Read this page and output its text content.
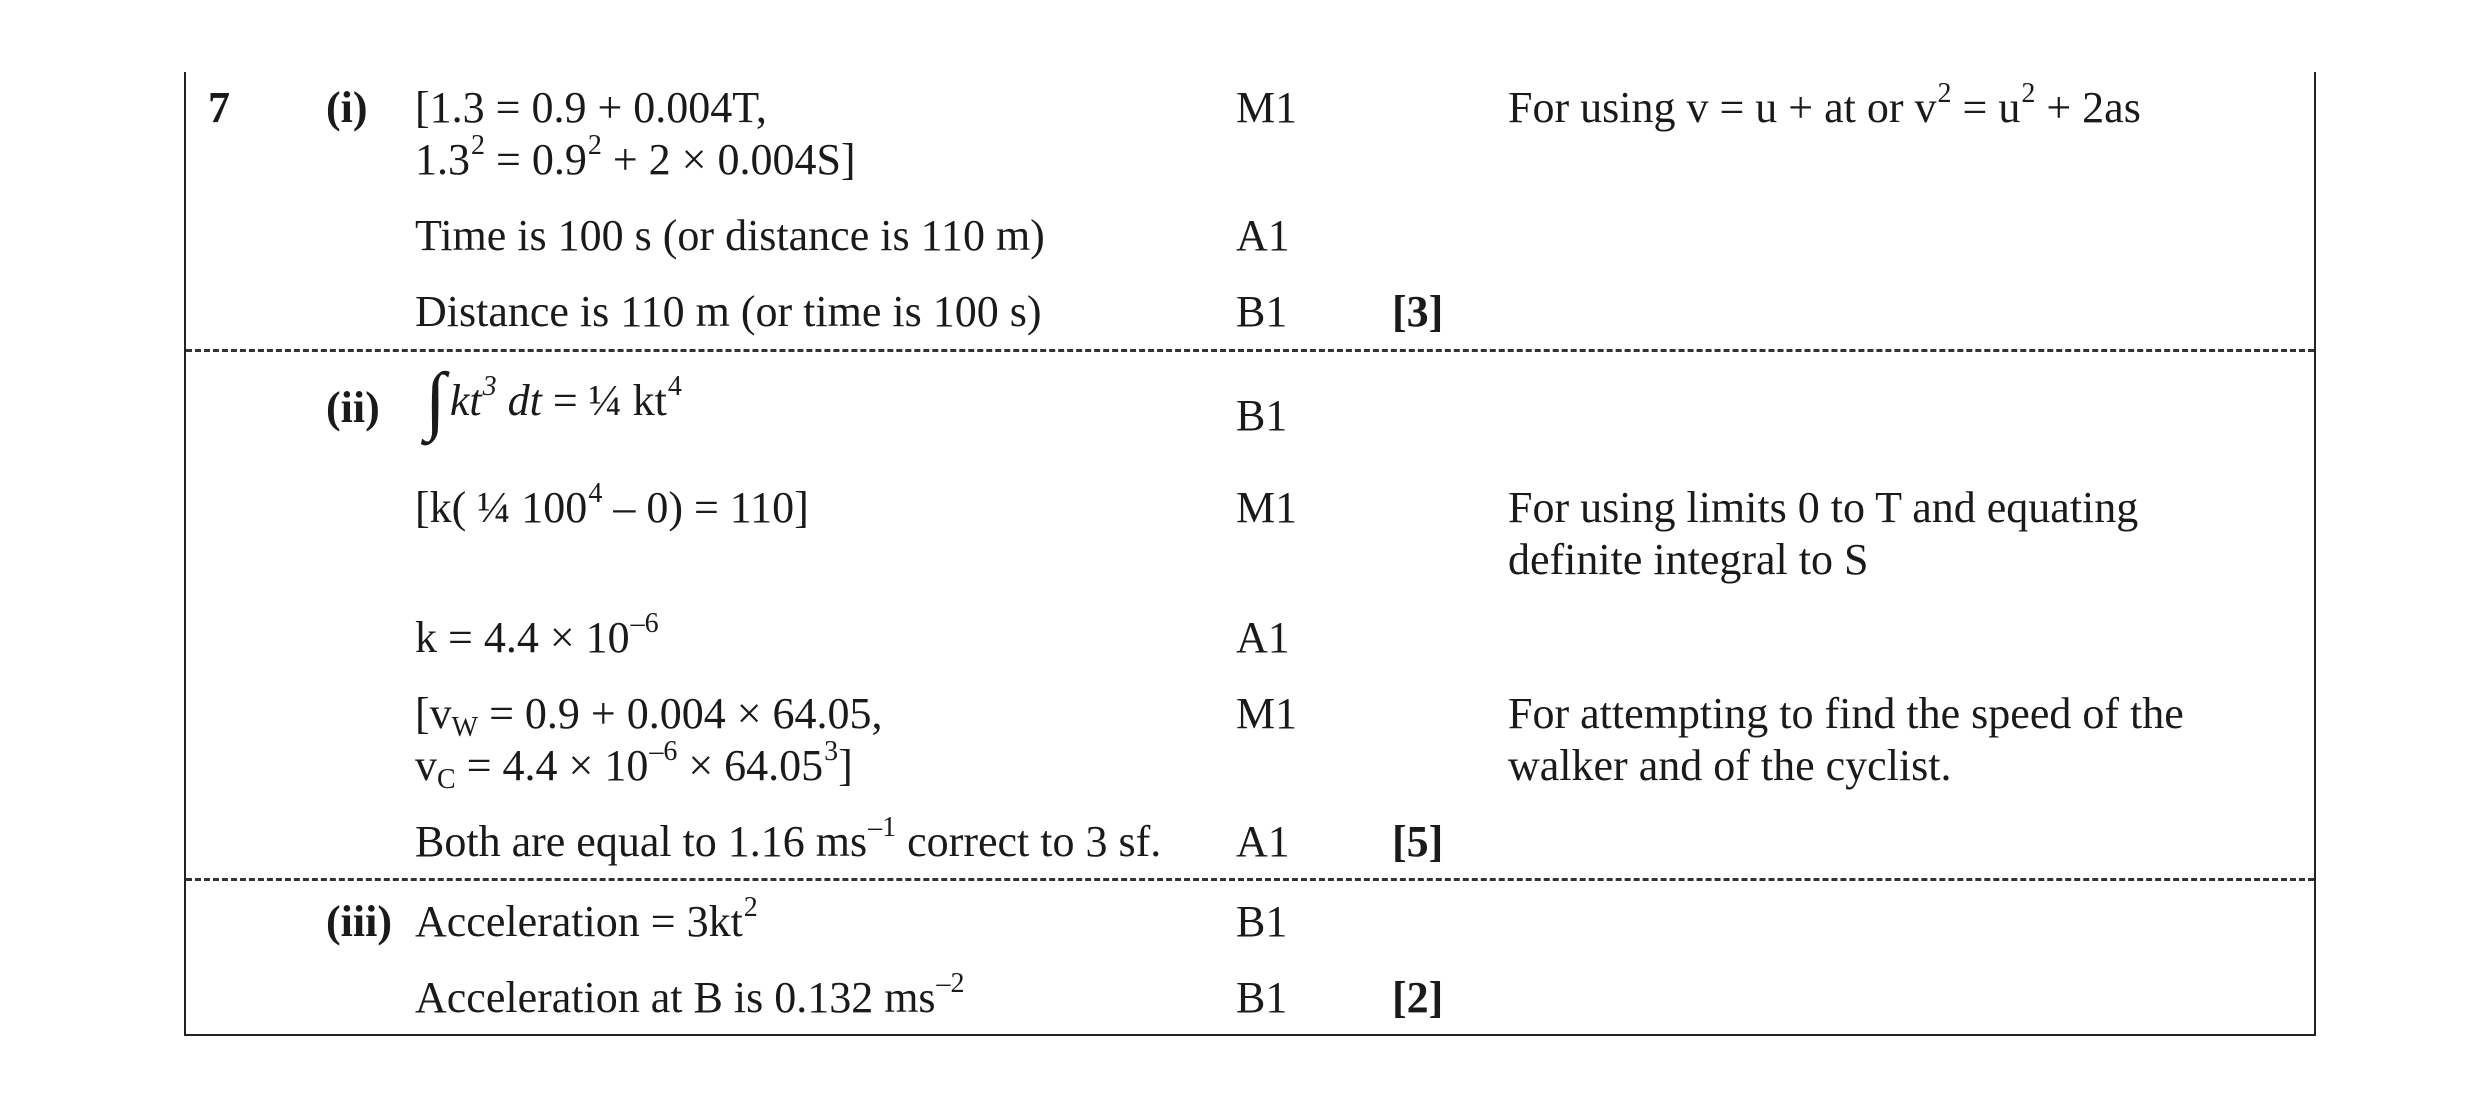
7 (i) [1.3 = 0.9 + 0.004T,
$1.3^2 = 0.9^2 + 2 \times 0.004S$]
M1	For using v = u + at or $v^2 = u^2 + 2as$
Time is 100 s (or distance is 110 m)	A1
Distance is 110 m (or time is 100 s)	B1 [3]
(ii) $\int kt^3$ dt = ¼ $kt^4$
B1
[k( ¼ $100^4 - 0) = 110$]	M1	For using limits 0 to T and equating
definite integral to S
$k = 4.4 \times 10^{-6}$	A1
[$v_W = 0.9 + 0.004 \times 64.05$,
$v_C = 4.4 \times 10^{-6} \times 64.05^3$]
M1	For attempting to find the speed of the
walker and of the cyclist.
Both are equal to 1.16 $ms^{-1}$ correct to 3 sf. A1 [5]
(iii) Acceleration = $3kt^2$	B1
Acceleration at B is 0.132 $ms^{-2}$	B1 [2]
